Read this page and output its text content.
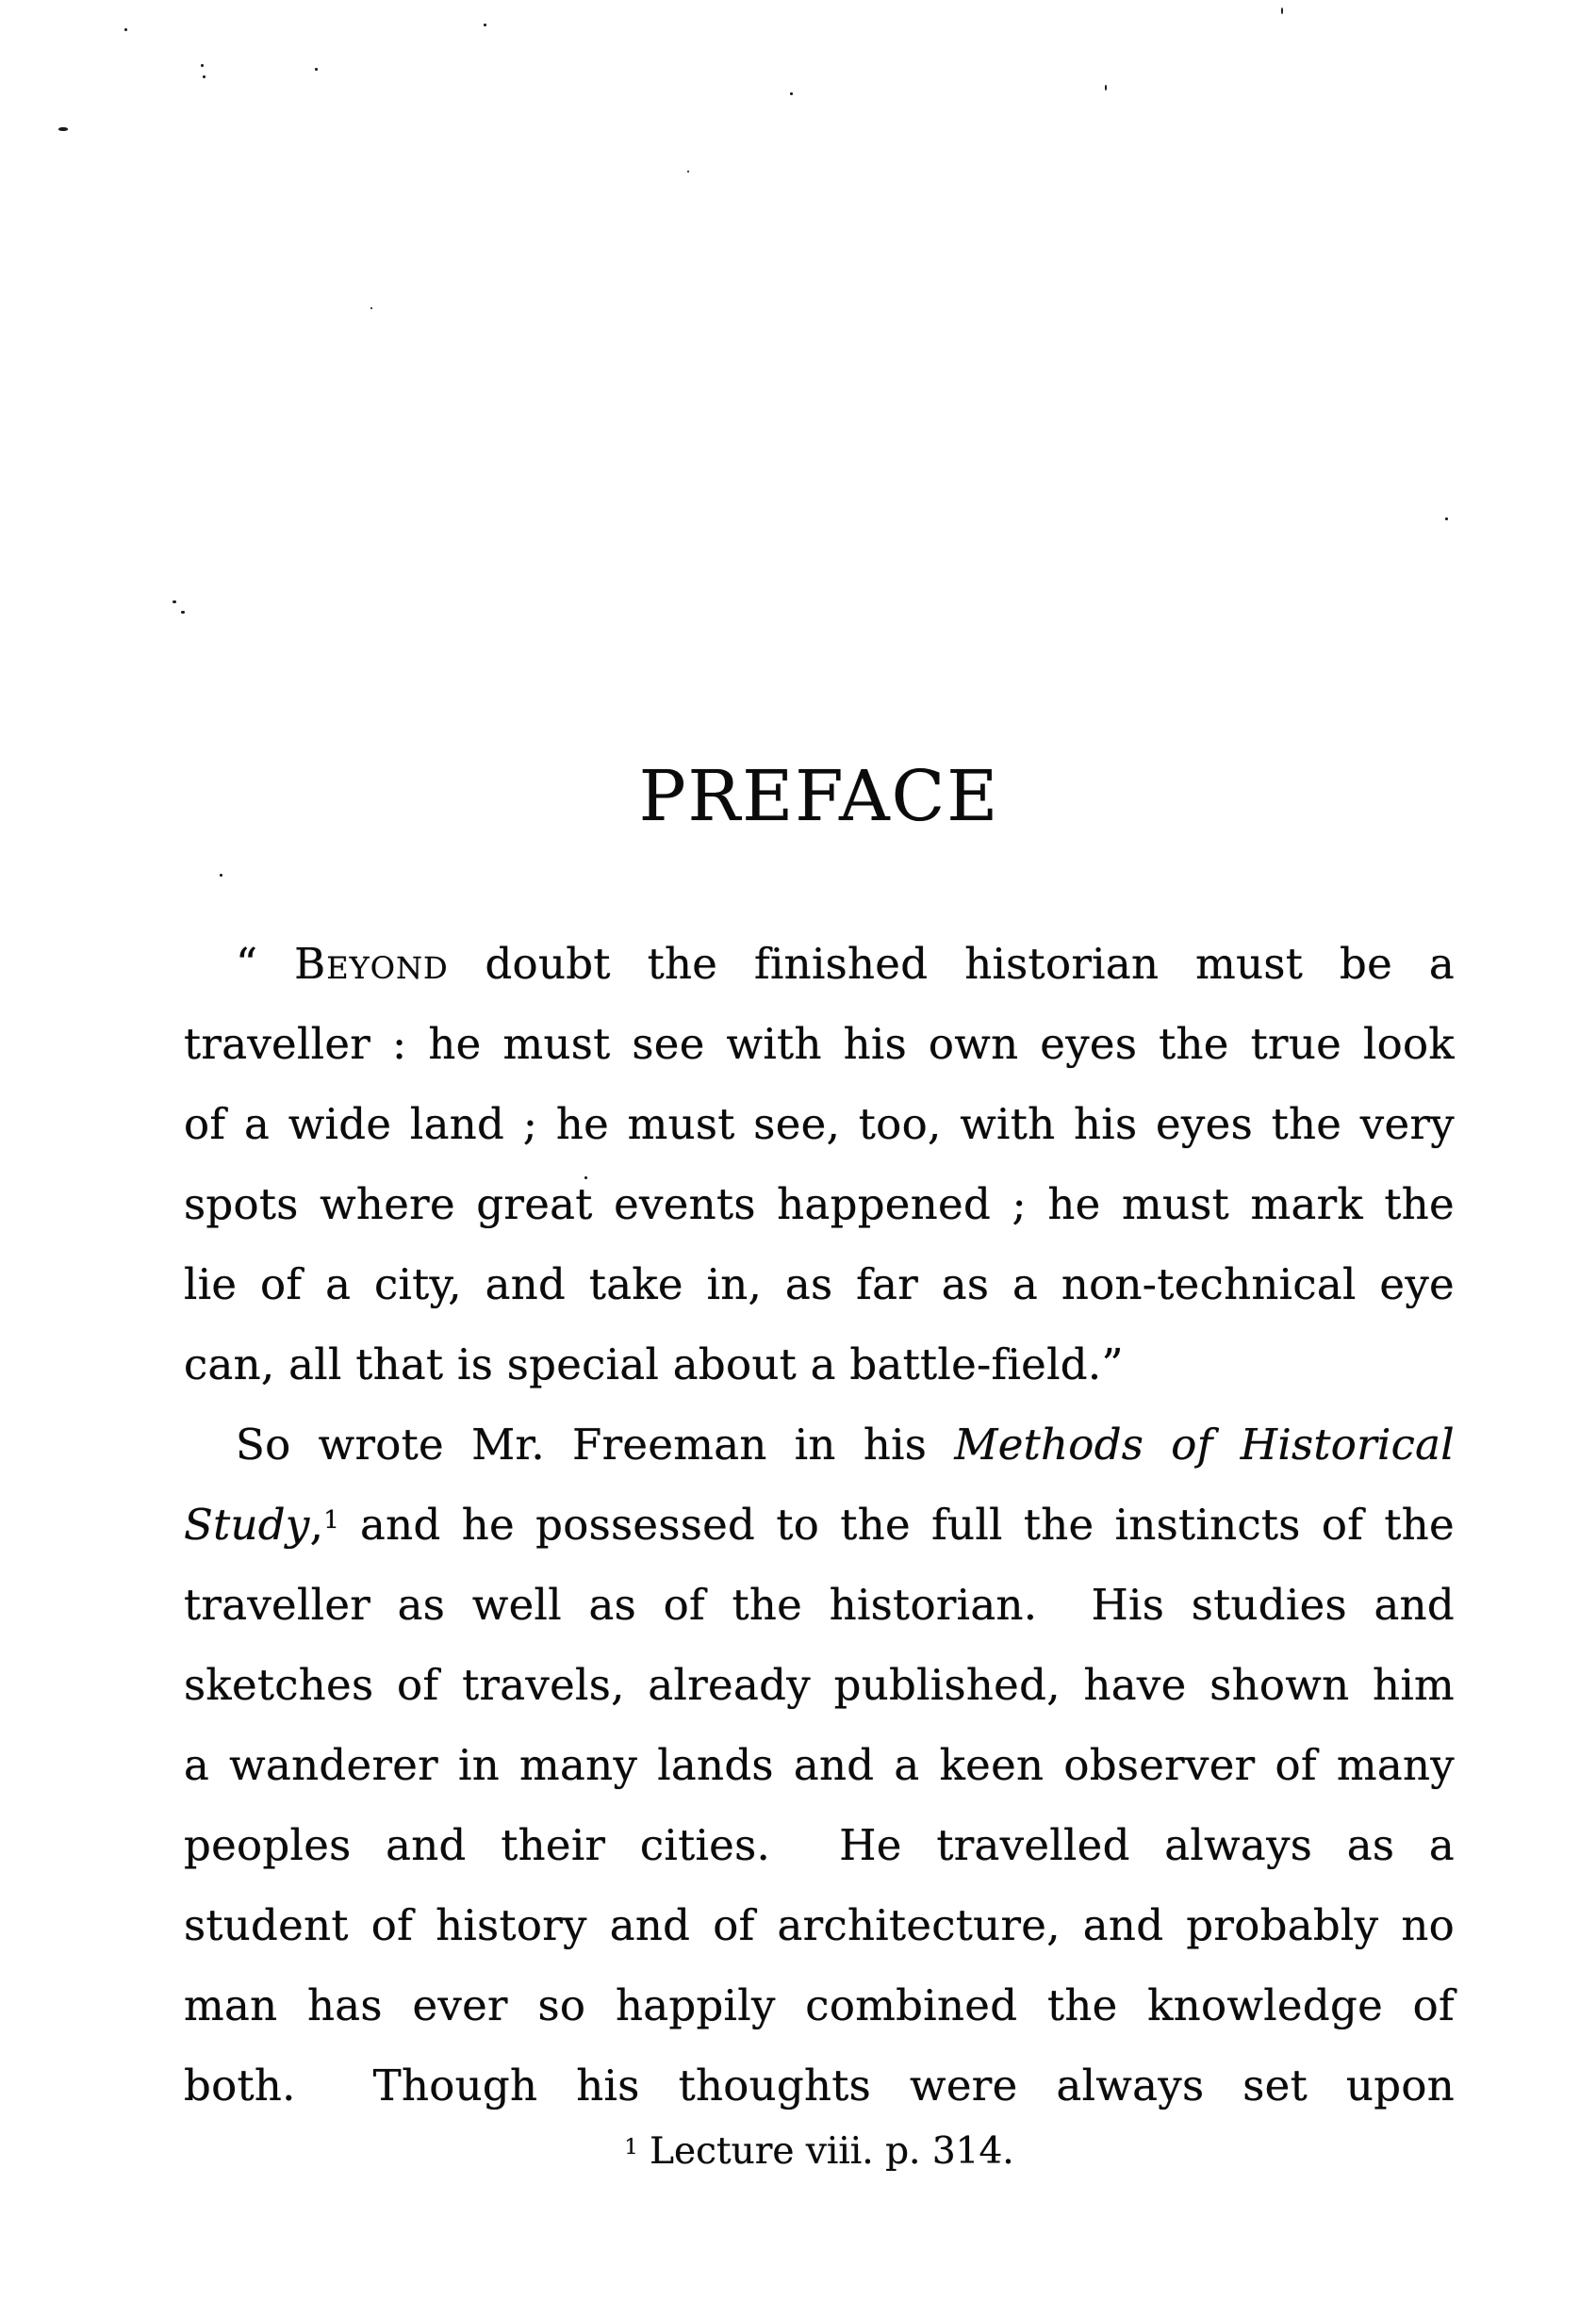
PREFACE
“ Beyond doubt the finished historian must be a
traveller : he must see with his own eyes the true look
of a wide land ; he must see, too, with his eyes the very
spots where great events happened ; he must mark the
lie of a city, and take in, as far as a non-technical eye
can, all that is special about a battle-field.”
So wrote Mr. Freeman in his Methods of Historical
Study,$^1$ and he possessed to the full the instincts of the
traveller as well as of the historian.  His studies and
sketches of travels, already published, have shown him
a wanderer in many lands and a keen observer of many
peoples and their cities.  He travelled always as a
student of history and of architecture, and probably no
man has ever so happily combined the knowledge of
both.  Though his thoughts were always set upon
$^1$ Lecture viii. p. 314.
